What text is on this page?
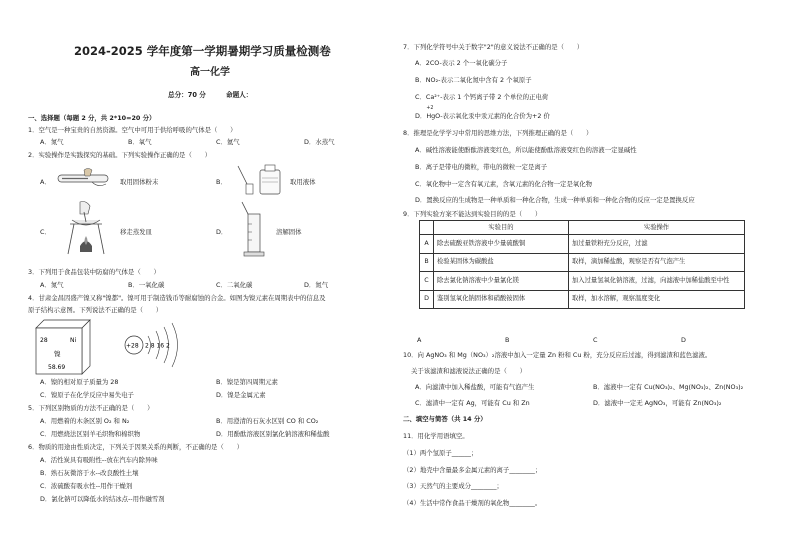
2024-2025 学年度第一学期暑期学习质量检测卷
高一化学
总分：70 分	命题人：
一、选择题（每题 2 分，共 2*10=20 分）
1．空气是一种宝贵的自然资源。空气中可用于供给呼吸的气体是（　　）
A．氮气	B．氧气	C．氦气	D．水蒸气
2．实验操作是实践探究的基础。下列实验操作正确的是（　　）
A．	取用固体粉末	B．	取用液体
C．	移走蒸发皿	D．	溶解固体
3．下列用于食品包装中防腐的气体是（　　）
A．氮气	B．一氧化碳	C．二氧化碳	D．氮气
4．甘肃金昌因盛产镍又称"镍都"。镍可用于制造钱币等耐腐蚀的合金。如图为镍元素在周期表中的信息及
原子结构示意图。下列说法不正确的是（　　）
28	Ni
镍
58.69
+28 2 8 16 2
A．镍的相对原子质量为 28	B．镍是第四周期元素
C．镍原子在化学反应中易失电子	D．镍是金属元素
5．下列区别物质的方法不正确的是（　　）
A．用燃着的木条区别 O₂ 和 N₂	B．用澄清的石灰水区别 CO 和 CO₂
C．用燃烧法区别羊毛织物和棉织物	D．用酚酞溶液区别氯化钠溶液和稀盐酸
6．物质的用途由性质决定，下列关于因果关系的判断，不正确的是（　　）
A．活性炭具有吸附性--放在汽车内除异味
B．熟石灰微溶于水--改良酸性土壤
C．浓硫酸有吸水性--用作干燥剂
D．氯化钠可以降低水的结冰点--用作融雪剂
7．下列化学符号中关于数字"2"的意义说法不正确的是（　　）
A．2CO-表示 2 个一氧化碳分子
B．NO₂-表示二氧化氮中含有 2 个氧原子
C．Ca²⁺-表示 1 个钙离子带 2 个单位的正电荷
D．
+2
HgO-表示氧化汞中汞元素的化合价为+2 价
8．推理是化学学习中常用的思维方法，下列推理正确的是（　　）
A．碱性溶液能使酚酞溶液变红色，所以能使酚酞溶液变红色的溶液一定显碱性
B．离子是带电的微粒，带电的微粒一定是离子
C．氧化物中一定含有氧元素，含氧元素的化合物一定是氧化物
D．置换反应的生成物是一种单质和一种化合物，生成一种单质和一种化合物的反应一定是置换反应
9．下列实验方案不能达到实验目的的是（　　）
	实验目的	实验操作
A	除去硫酸亚铁溶液中少量硫酸铜	加过量铁粉充分反应，过滤
B	检验某固体为碳酸盐	取样，滴加稀盐酸，观察是否有气泡产生
C	除去氯化钠溶液中少量氯化镁	加入过量氢氧化钠溶液，过滤，向滤液中加稀盐酸至中性
D	鉴别氢氧化钠固体和硝酸铵固体	取样，加水溶解，观察温度变化
A	B	C	D
10．向 AgNO₃ 和 Mg（NO₃）₂溶液中加入一定量 Zn 粉和 Cu 粉，充分反应后过滤，得到滤渣和蓝色滤液。
关于该滤渣和滤液说法正确的是（　　）
A．向滤渣中加入稀盐酸，可能有气泡产生	B．滤液中一定有 Cu(NO₃)₂、Mg(NO₃)₂、Zn(NO₃)₂
C．滤渣中一定有 Ag，可能有 Cu 和 Zn	D．滤液中一定无 AgNO₃，可能有 Zn(NO₃)₂
二、填空与简答（共 14 分）
11．用化学用语填空。
（1）两个氢原子______；
（2）地壳中含量最多金属元素的离子________；
（3）天然气的主要成分________；
（4）生活中常作食品干燥剂的氧化物________。
